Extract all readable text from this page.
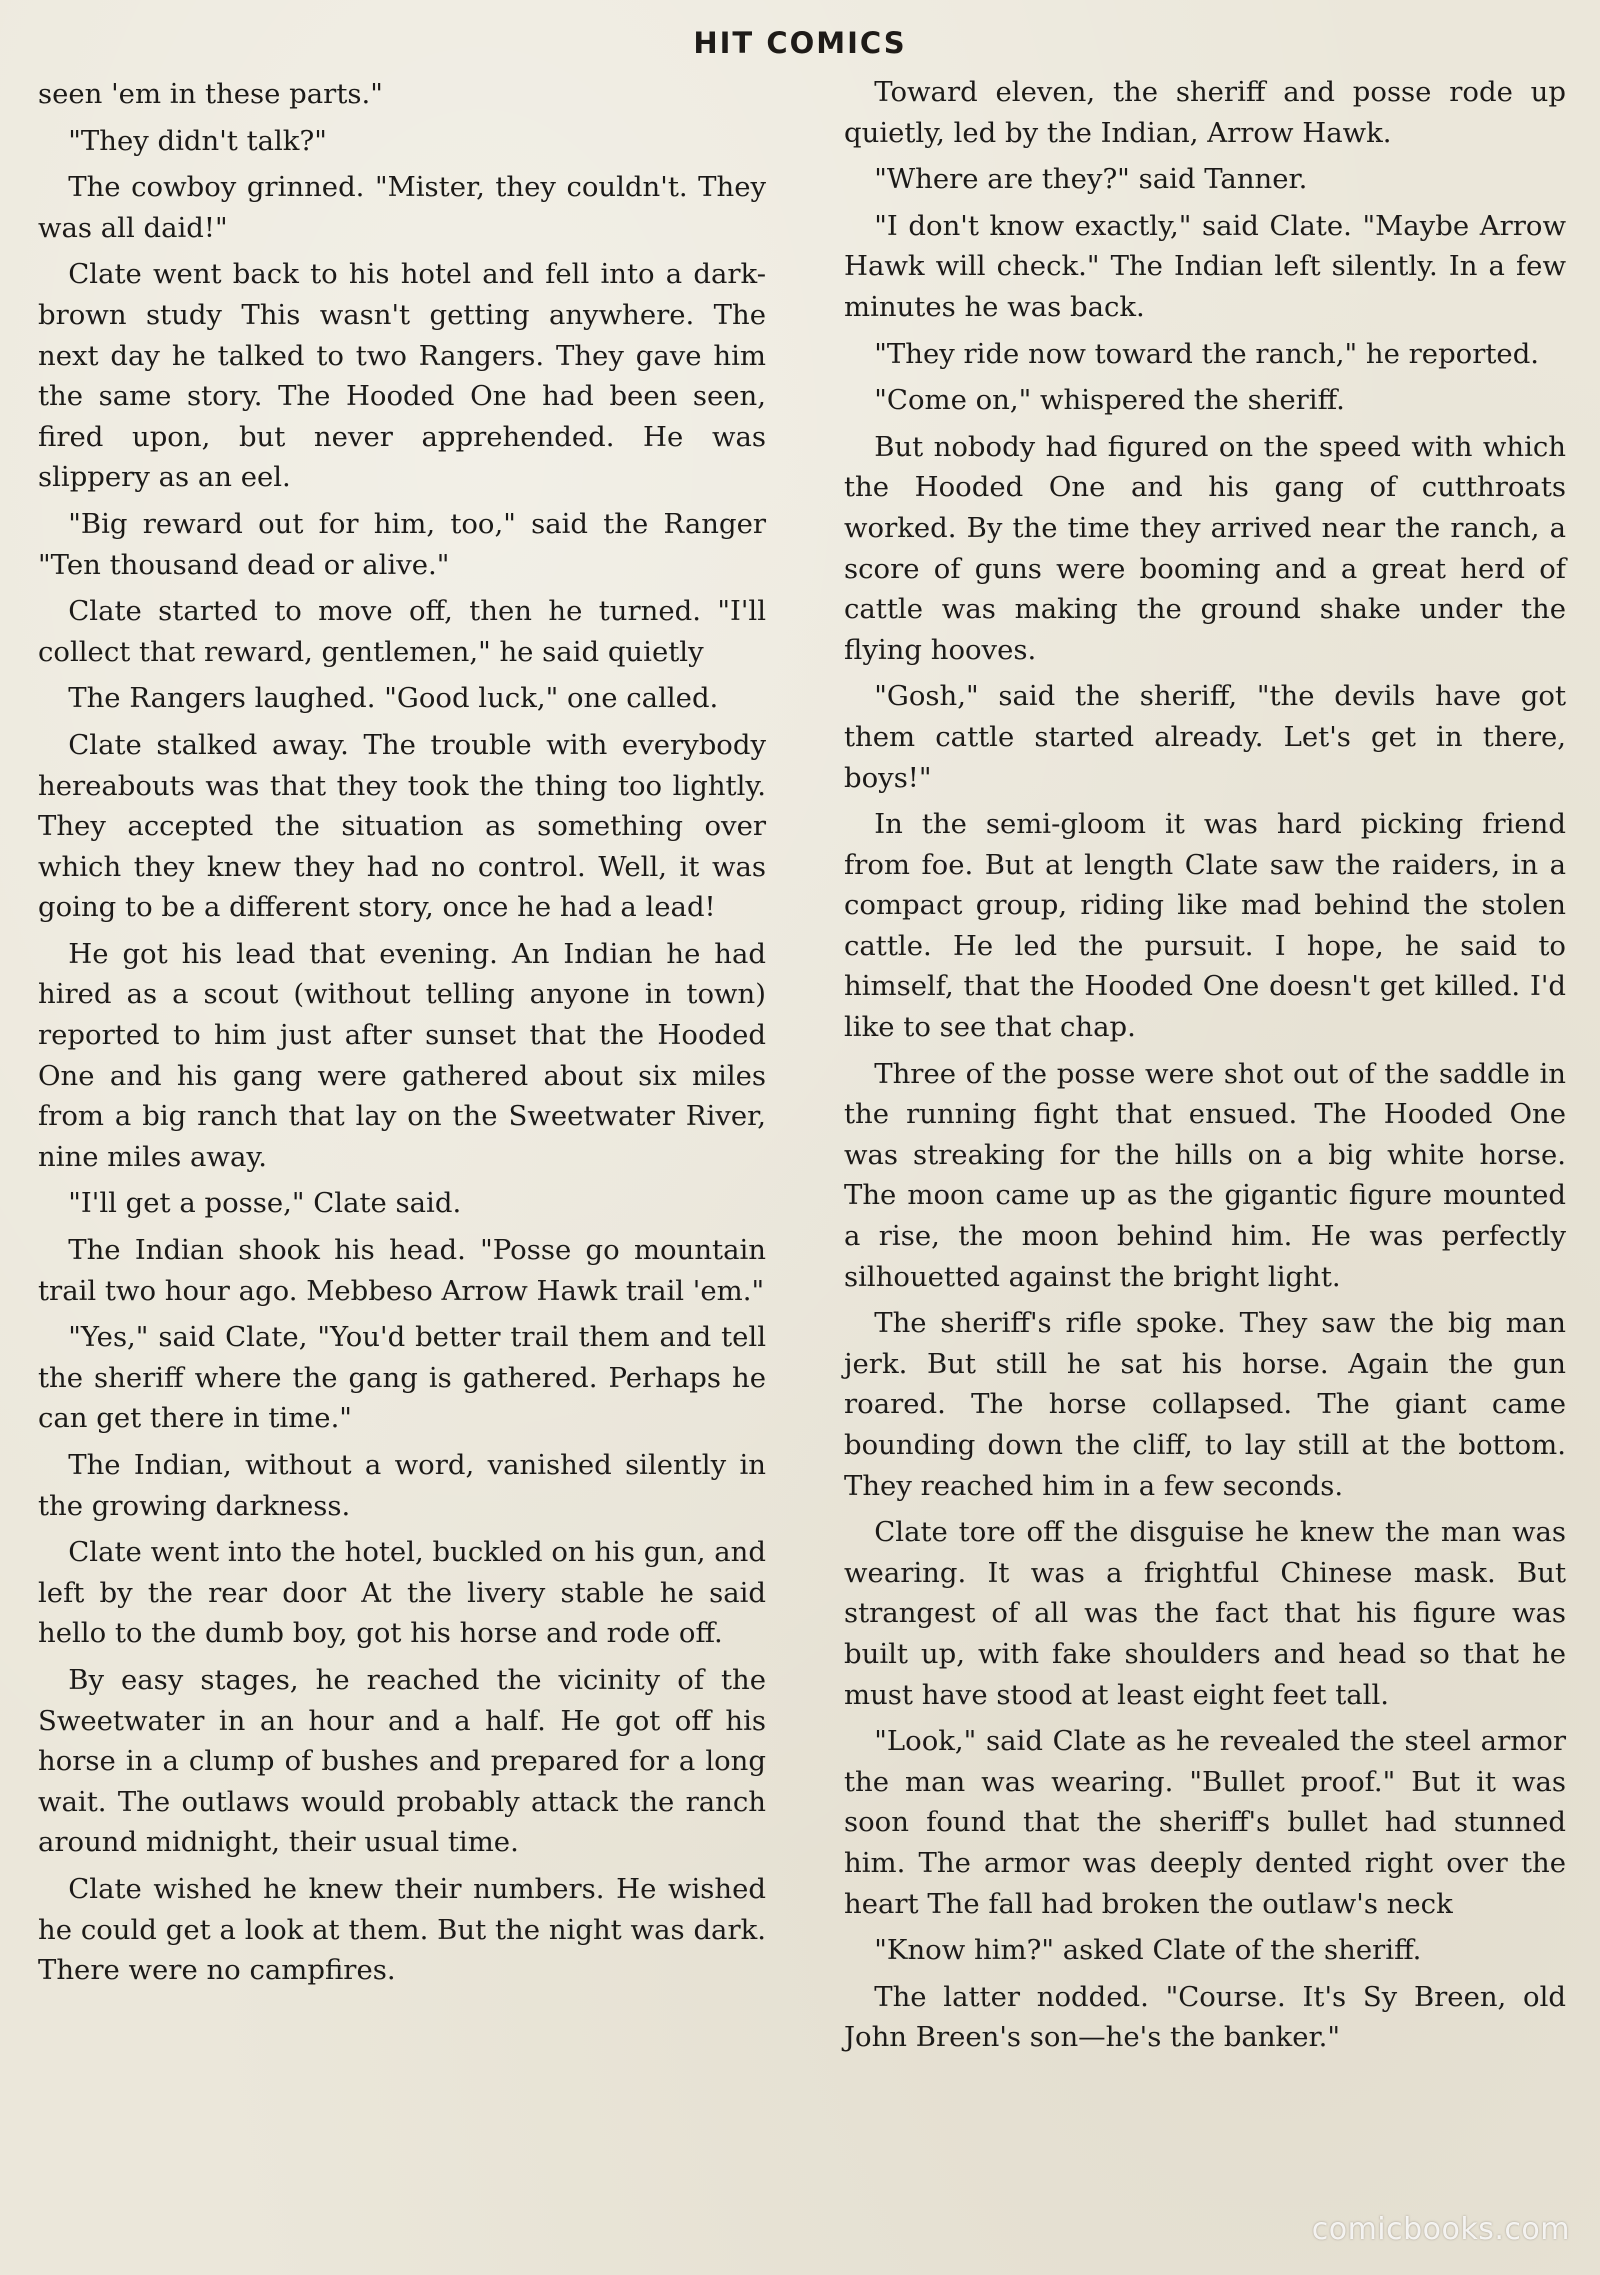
HIT COMICS

seen 'em in these parts."

"They didn't talk?"

The cowboy grinned. "Mister, they couldn't. They was all daid!"

Clate went back to his hotel and fell into a dark-brown study This wasn't getting anywhere. The next day he talked to two Rangers. They gave him the same story. The Hooded One had been seen, fired upon, but never apprehended. He was slippery as an eel.

"Big reward out for him, too," said the Ranger "Ten thousand dead or alive."

Clate started to move off, then he turned. "I'll collect that reward, gentlemen," he said quietly

The Rangers laughed. "Good luck," one called.

Clate stalked away. The trouble with everybody hereabouts was that they took the thing too lightly. They accepted the situation as something over which they knew they had no control. Well, it was going to be a different story, once he had a lead!

He got his lead that evening. An Indian he had hired as a scout (without telling anyone in town) reported to him just after sunset that the Hooded One and his gang were gathered about six miles from a big ranch that lay on the Sweetwater River, nine miles away.

"I'll get a posse," Clate said.

The Indian shook his head. "Posse go mountain trail two hour ago. Mebbeso Arrow Hawk trail 'em."

"Yes," said Clate, "You'd better trail them and tell the sheriff where the gang is gathered. Perhaps he can get there in time."

The Indian, without a word, vanished silently in the growing darkness.

Clate went into the hotel, buckled on his gun, and left by the rear door At the livery stable he said hello to the dumb boy, got his horse and rode off.

By easy stages, he reached the vicinity of the Sweetwater in an hour and a half. He got off his horse in a clump of bushes and prepared for a long wait. The outlaws would probably attack the ranch around midnight, their usual time.

Clate wished he knew their numbers. He wished he could get a look at them. But the night was dark. There were no campfires.

Toward eleven, the sheriff and posse rode up quietly, led by the Indian, Arrow Hawk.

"Where are they?" said Tanner.

"I don't know exactly," said Clate. "Maybe Arrow Hawk will check." The Indian left silently. In a few minutes he was back.

"They ride now toward the ranch," he reported.

"Come on," whispered the sheriff.

But nobody had figured on the speed with which the Hooded One and his gang of cutthroats worked. By the time they arrived near the ranch, a score of guns were booming and a great herd of cattle was making the ground shake under the flying hooves.

"Gosh," said the sheriff, "the devils have got them cattle started already. Let's get in there, boys!"

In the semi-gloom it was hard picking friend from foe. But at length Clate saw the raiders, in a compact group, riding like mad behind the stolen cattle. He led the pursuit. I hope, he said to himself, that the Hooded One doesn't get killed. I'd like to see that chap.

Three of the posse were shot out of the saddle in the running fight that ensued. The Hooded One was streaking for the hills on a big white horse. The moon came up as the gigantic figure mounted a rise, the moon behind him. He was perfectly silhouetted against the bright light.

The sheriff's rifle spoke. They saw the big man jerk. But still he sat his horse. Again the gun roared. The horse collapsed. The giant came bounding down the cliff, to lay still at the bottom. They reached him in a few seconds.

Clate tore off the disguise he knew the man was wearing. It was a frightful Chinese mask. But strangest of all was the fact that his figure was built up, with fake shoulders and head so that he must have stood at least eight feet tall.

"Look," said Clate as he revealed the steel armor the man was wearing. "Bullet proof." But it was soon found that the sheriff's bullet had stunned him. The armor was deeply dented right over the heart The fall had broken the outlaw's neck

"Know him?" asked Clate of the sheriff.

The latter nodded. "Course. It's Sy Breen, old John Breen's son—he's the banker."

comicbooks.com
